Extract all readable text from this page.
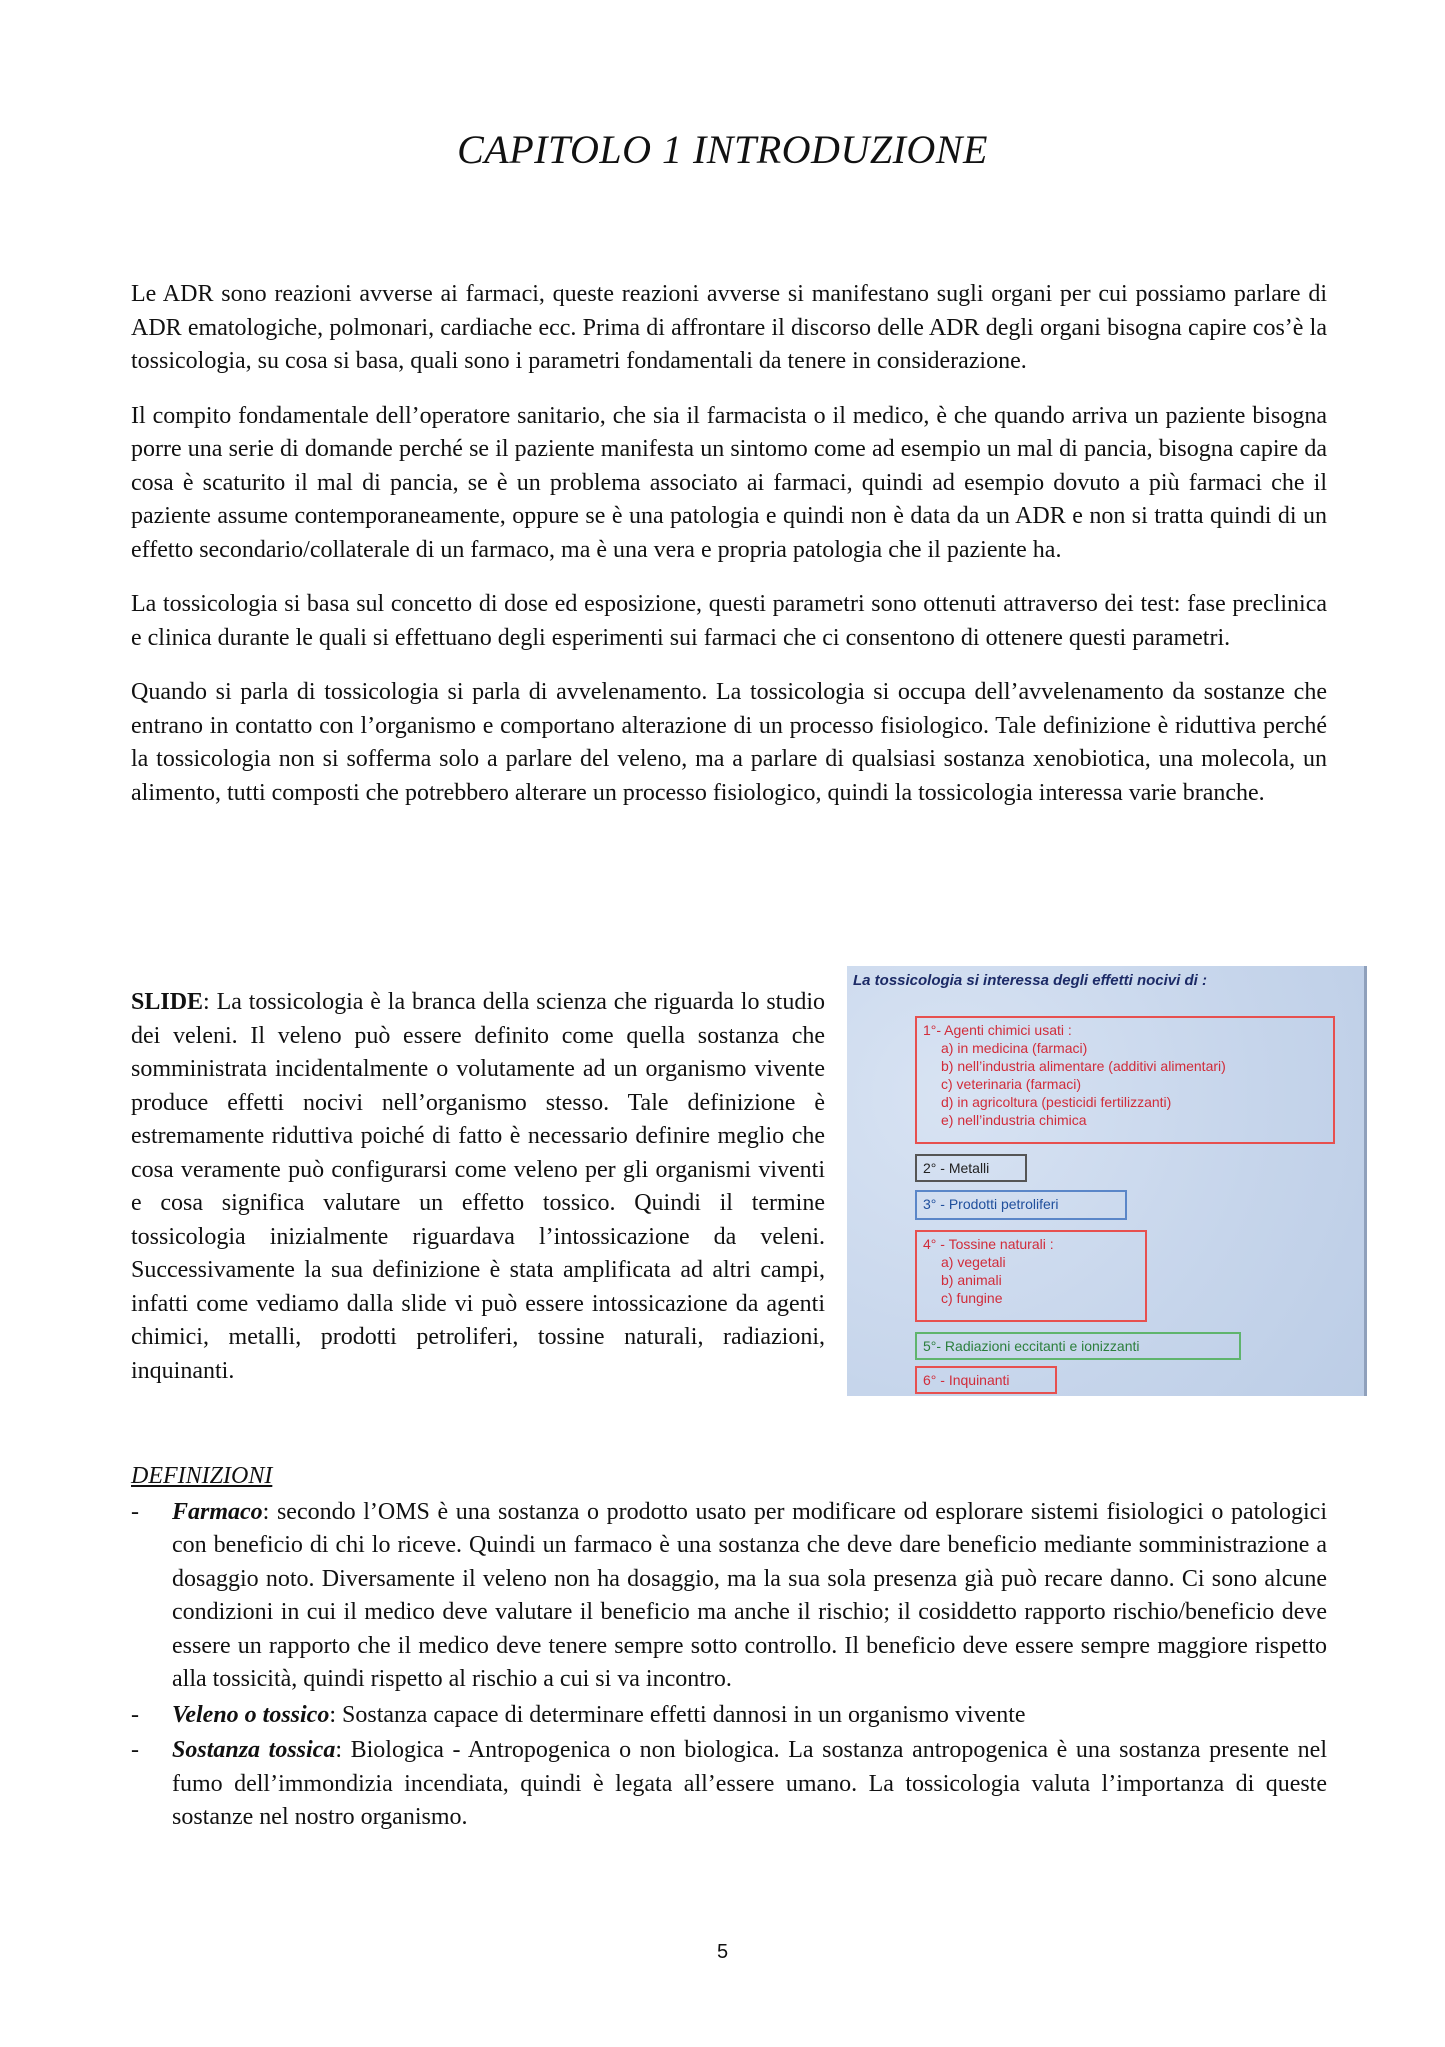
CAPITOLO 1 INTRODUZIONE

Le ADR sono reazioni avverse ai farmaci, queste reazioni avverse si manifestano sugli organi per cui possiamo parlare di ADR ematologiche, polmonari, cardiache ecc. Prima di affrontare il discorso delle ADR degli organi bisogna capire cos’è la tossicologia, su cosa si basa, quali sono i parametri fondamentali da tenere in considerazione.

Il compito fondamentale dell’operatore sanitario, che sia il farmacista o il medico, è che quando arriva un paziente bisogna porre una serie di domande perché se il paziente manifesta un sintomo come ad esempio un mal di pancia, bisogna capire da cosa è scaturito il mal di pancia, se è un problema associato ai farmaci, quindi ad esempio dovuto a più farmaci che il paziente assume contemporaneamente, oppure se è una patologia e quindi non è data da un ADR e non si tratta quindi di un effetto secondario/collaterale di un farmaco, ma è una vera e propria patologia che il paziente ha.

La tossicologia si basa sul concetto di dose ed esposizione, questi parametri sono ottenuti attraverso dei test: fase preclinica e clinica durante le quali si effettuano degli esperimenti sui farmaci che ci consentono di ottenere questi parametri.

Quando si parla di tossicologia si parla di avvelenamento. La tossicologia si occupa dell’avvelenamento da sostanze che entrano in contatto con l’organismo e comportano alterazione di un processo fisiologico. Tale definizione è riduttiva perché la tossicologia non si sofferma solo a parlare del veleno, ma a parlare di qualsiasi sostanza xenobiotica, una molecola, un alimento, tutti composti che potrebbero alterare un processo fisiologico, quindi la tossicologia interessa varie branche.

SLIDE: La tossicologia è la branca della scienza che riguarda lo studio dei veleni. Il veleno può essere definito come quella sostanza che somministrata incidentalmente o volutamente ad un organismo vivente produce effetti nocivi nell’organismo stesso. Tale definizione è estremamente riduttiva poiché di fatto è necessario definire meglio che cosa veramente può configurarsi come veleno per gli organismi viventi e cosa significa valutare un effetto tossico. Quindi il termine tossicologia inizialmente riguardava l’intossicazione da veleni. Successivamente la sua definizione è stata amplificata ad altri campi, infatti come vediamo dalla slide vi può essere intossicazione da agenti chimici, metalli, prodotti petroliferi, tossine naturali, radiazioni, inquinanti.

La tossicologia si interessa degli effetti nocivi di :
1°- Agenti chimici usati :
a) in medicina (farmaci)
b) nell’industria alimentare (additivi alimentari)
c) veterinaria (farmaci)
d) in agricoltura (pesticidi fertilizzanti)
e) nell’industria chimica
2° - Metalli
3° - Prodotti petroliferi
4° - Tossine naturali :
a) vegetali
b) animali
c) fungine
5°- Radiazioni eccitanti e ionizzanti
6° - Inquinanti

DEFINIZIONI

- Farmaco: secondo l’OMS è una sostanza o prodotto usato per modificare od esplorare sistemi fisiologici o patologici con beneficio di chi lo riceve. Quindi un farmaco è una sostanza che deve dare beneficio mediante somministrazione a dosaggio noto. Diversamente il veleno non ha dosaggio, ma la sua sola presenza già può recare danno. Ci sono alcune condizioni in cui il medico deve valutare il beneficio ma anche il rischio; il cosiddetto rapporto rischio/beneficio deve essere un rapporto che il medico deve tenere sempre sotto controllo. Il beneficio deve essere sempre maggiore rispetto alla tossicità, quindi rispetto al rischio a cui si va incontro.
- Veleno o tossico: Sostanza capace di determinare effetti dannosi in un organismo vivente
- Sostanza tossica: Biologica - Antropogenica o non biologica. La sostanza antropogenica è una sostanza presente nel fumo dell’immondizia incendiata, quindi è legata all’essere umano. La tossicologia valuta l’importanza di queste sostanze nel nostro organismo.
5
